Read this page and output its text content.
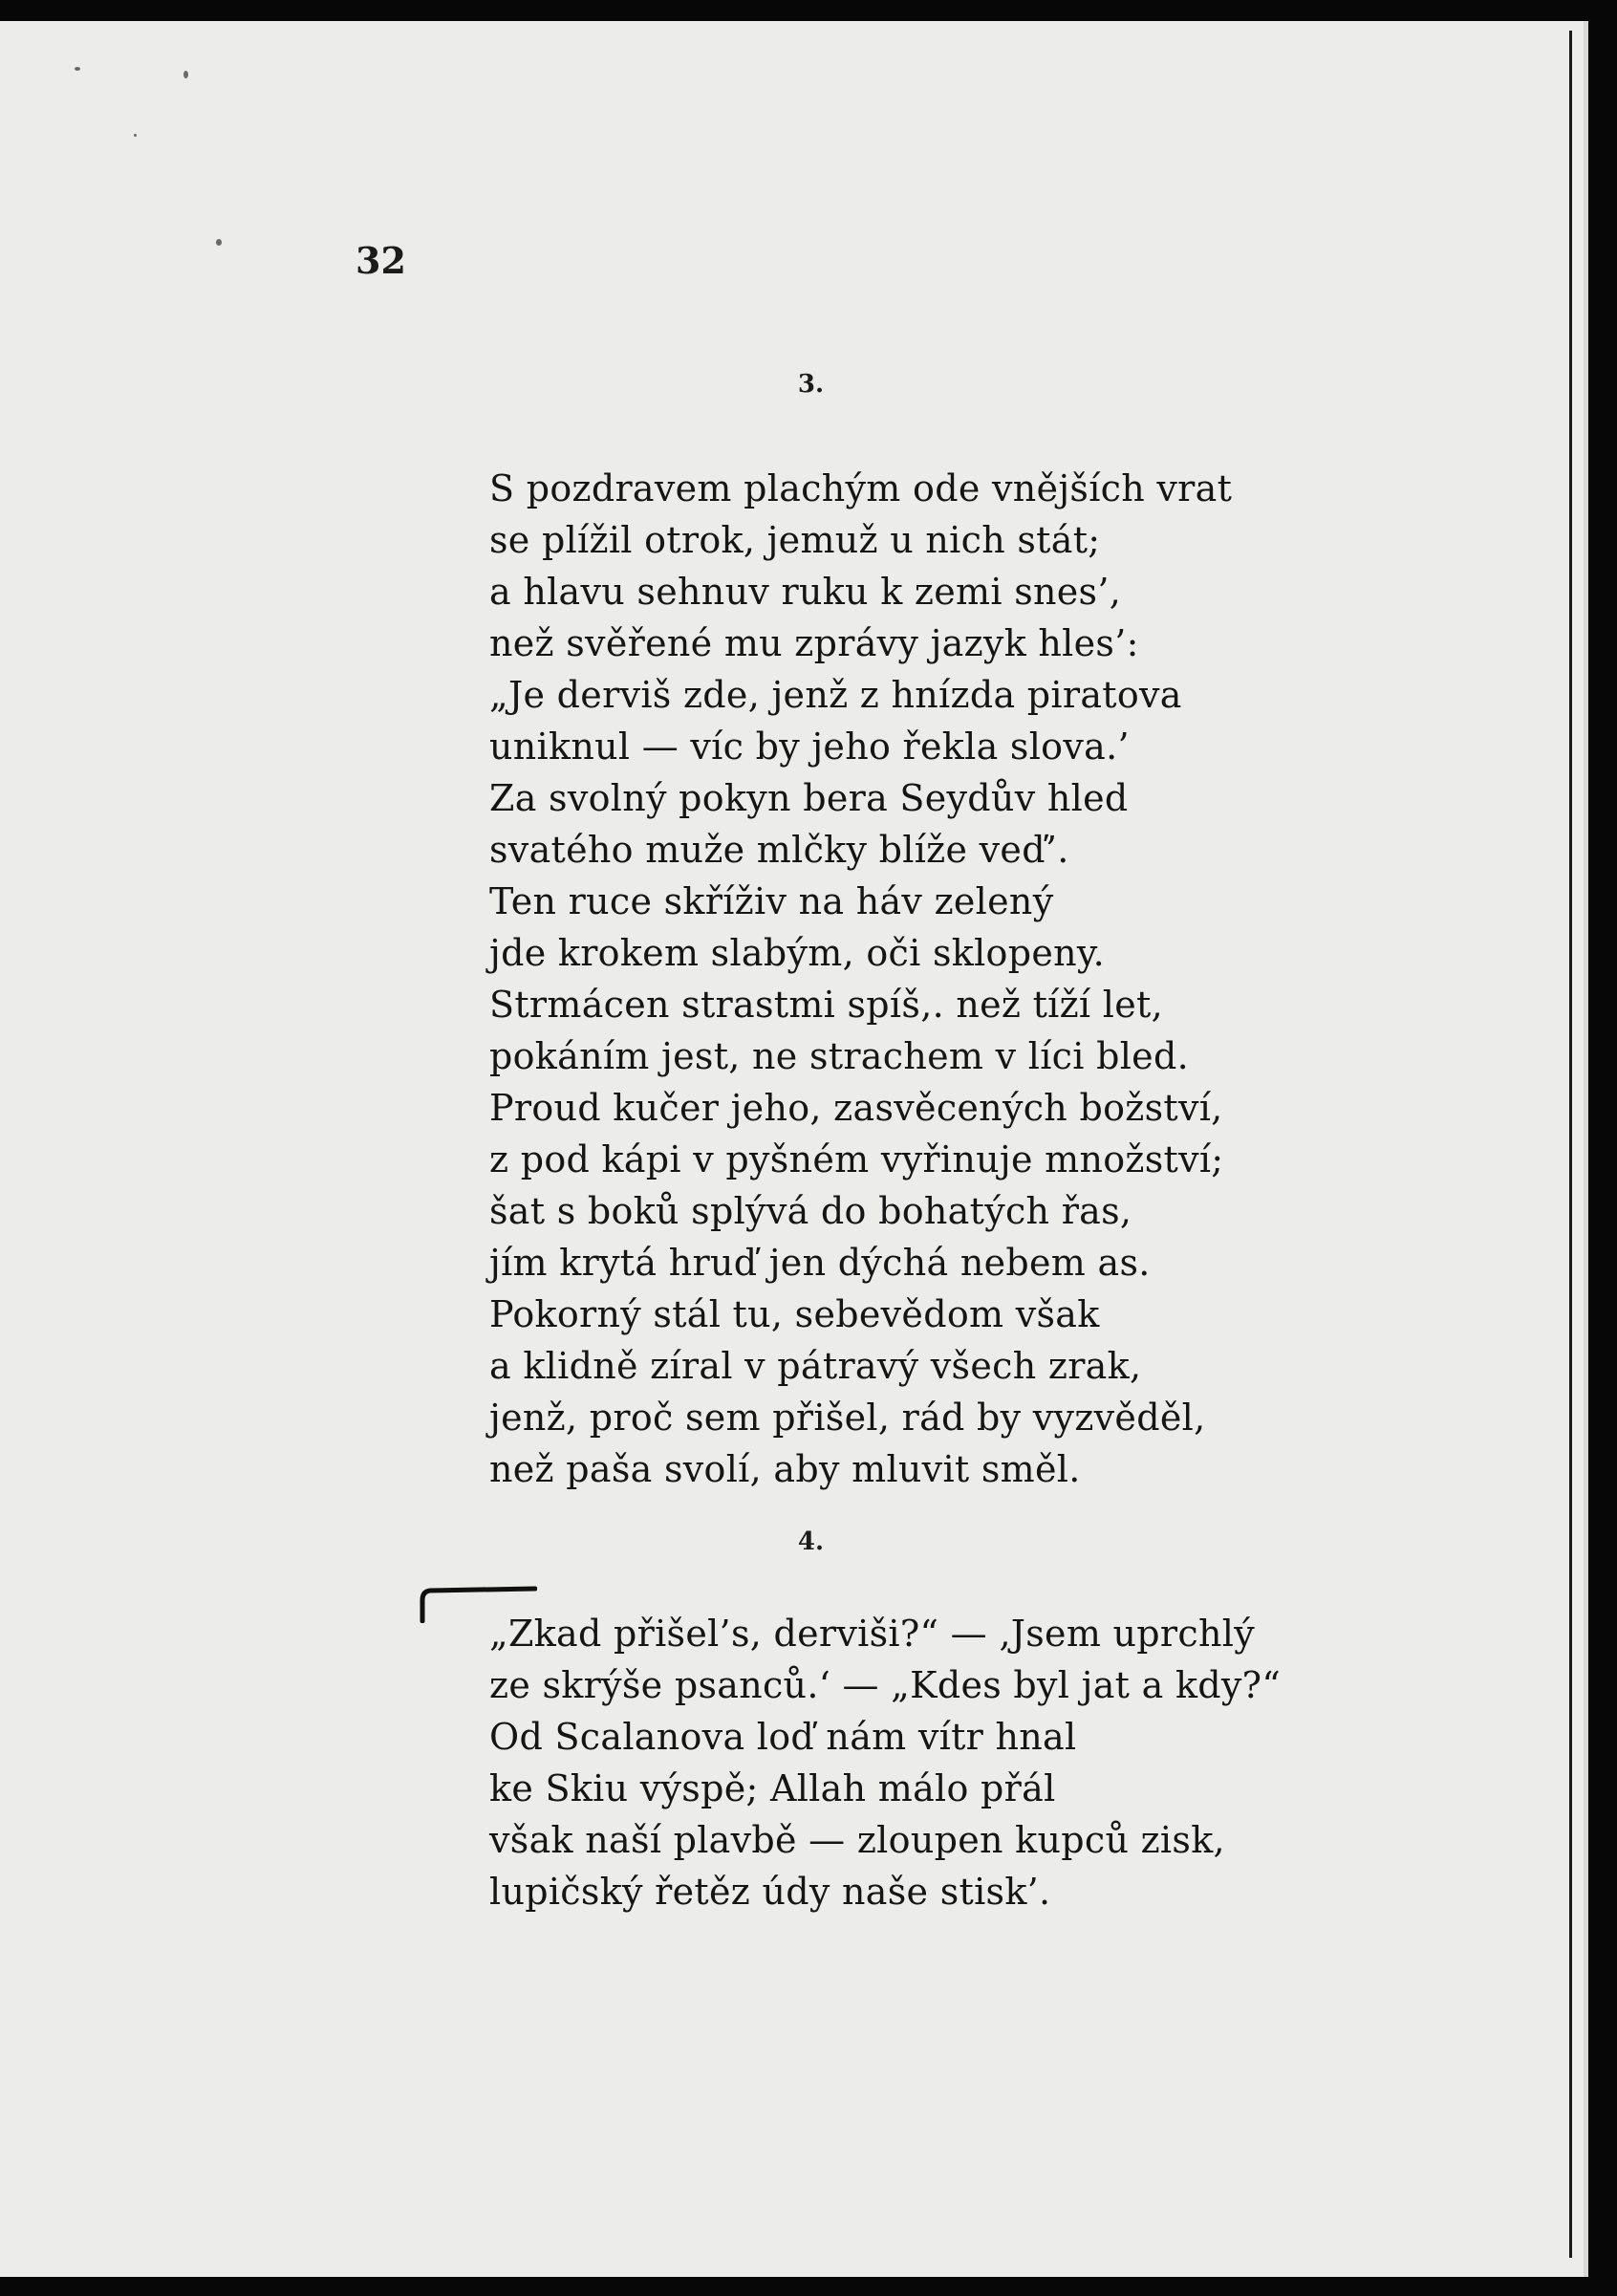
32
3.
S pozdravem plachým ode vnějších vrat
se plížil otrok, jemuž u nich stát;
a hlavu sehnuv ruku k zemi snes’,
než svěřené mu zprávy jazyk hles’:
„Je derviš zde, jenž z hnízda piratova
uniknul — víc by jeho řekla slova.’
Za svolný pokyn bera Seydův hled
svatého muže mlčky blíže veď’.
Ten ruce skříživ na háv zelený
jde krokem slabým, oči sklopeny.
Strmácen strastmi spíš,. než tíží let,
pokáním jest, ne strachem v líci bled.
Proud kučer jeho, zasvěcených božství,
z pod kápi v pyšném vyřinuje množství;
šat s boků splývá do bohatých řas,
jím krytá hruď jen dýchá nebem as.
Pokorný stál tu, sebevědom však
a klidně zíral v pátravý všech zrak,
jenž, proč sem přišel, rád by vyzvěděl,
než paša svolí, aby mluvit směl.
4.
„Zkad přišel’s, derviši?“ — ‚Jsem uprchlý
ze skrýše psanců.‘ — „Kdes byl jat a kdy?“
Od Scalanova loď nám vítr hnal
ke Skiu výspě; Allah málo přál
však naší plavbě — zloupen kupců zisk,
lupičský řetěz údy naše stisk’.
